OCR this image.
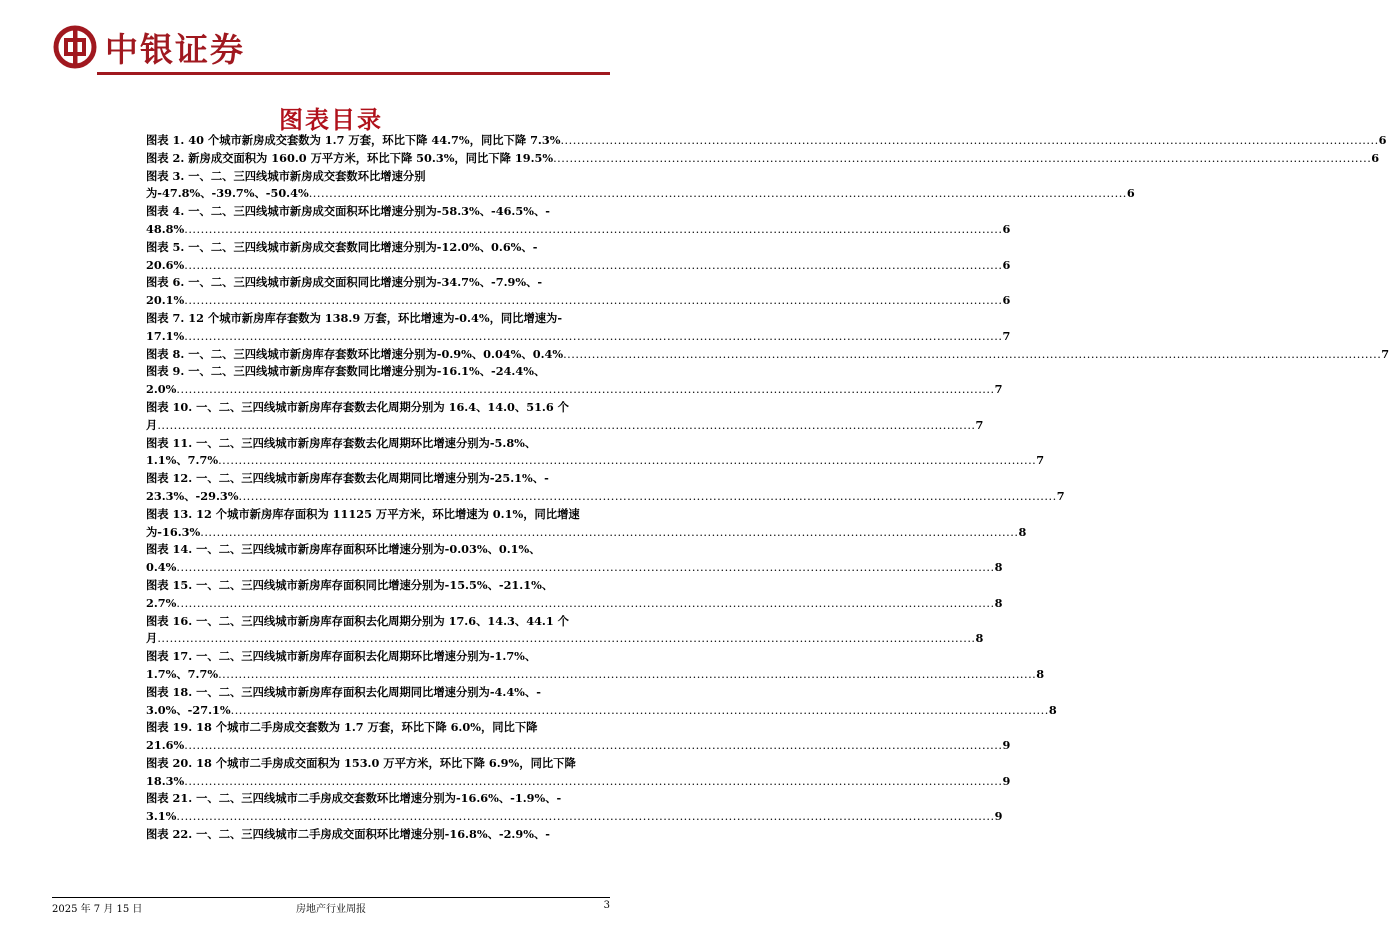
中银证券
图表目录
图表 1. 40 个城市新房成交套数为 1.7 万套，环比下降 44.7%，同比下降 7.3% ........................................................................................................................................................................................................ 6
图表 2. 新房成交面积为 160.0 万平方米，环比下降 50.3%，同比下降 19.5% ........................................................................................................................................................................................................ 6
图表 3. 一、二、三四线城市新房成交套数环比增速分别
为-47.8%、-39.7%、-50.4% ........................................................................................................................................................................................................ 6
图表 4. 一、二、三四线城市新房成交面积环比增速分别为-58.3%、-46.5%、-
48.8% ........................................................................................................................................................................................................ 6
图表 5. 一、二、三四线城市新房成交套数同比增速分别为-12.0%、0.6%、-
20.6% ........................................................................................................................................................................................................ 6
图表 6. 一、二、三四线城市新房成交面积同比增速分别为-34.7%、-7.9%、-
20.1% ........................................................................................................................................................................................................ 6
图表 7. 12 个城市新房库存套数为 138.9 万套，环比增速为-0.4%，同比增速为-
17.1% ........................................................................................................................................................................................................ 7
图表 8. 一、二、三四线城市新房库存套数环比增速分别为-0.9%、0.04%、0.4% ........................................................................................................................................................................................................ 7
图表 9. 一、二、三四线城市新房库存套数同比增速分别为-16.1%、-24.4%、
2.0% ........................................................................................................................................................................................................ 7
图表 10. 一、二、三四线城市新房库存套数去化周期分别为 16.4、14.0、51.6 个
月 ........................................................................................................................................................................................................ 7
图表 11. 一、二、三四线城市新房库存套数去化周期环比增速分别为-5.8%、
1.1%、7.7% ........................................................................................................................................................................................................ 7
图表 12. 一、二、三四线城市新房库存套数去化周期同比增速分别为-25.1%、-
23.3%、-29.3% ........................................................................................................................................................................................................ 7
图表 13. 12 个城市新房库存面积为 11125 万平方米，环比增速为 0.1%，同比增速
为-16.3% ........................................................................................................................................................................................................ 8
图表 14. 一、二、三四线城市新房库存面积环比增速分别为-0.03%、0.1%、
0.4% ........................................................................................................................................................................................................ 8
图表 15. 一、二、三四线城市新房库存面积同比增速分别为-15.5%、-21.1%、
2.7% ........................................................................................................................................................................................................ 8
图表 16. 一、二、三四线城市新房库存面积去化周期分别为 17.6、14.3、44.1 个
月 ........................................................................................................................................................................................................ 8
图表 17. 一、二、三四线城市新房库存面积去化周期环比增速分别为-1.7%、
1.7%、7.7% ........................................................................................................................................................................................................ 8
图表 18. 一、二、三四线城市新房库存面积去化周期同比增速分别为-4.4%、-
3.0%、-27.1% ........................................................................................................................................................................................................ 8
图表 19. 18 个城市二手房成交套数为 1.7 万套，环比下降 6.0%，同比下降
21.6% ........................................................................................................................................................................................................ 9
图表 20. 18 个城市二手房成交面积为 153.0 万平方米，环比下降 6.9%，同比下降
18.3% ........................................................................................................................................................................................................ 9
图表 21. 一、二、三四线城市二手房成交套数环比增速分别为-16.6%、-1.9%、-
3.1% ........................................................................................................................................................................................................ 9
图表 22. 一、二、三四线城市二手房成交面积环比增速分别-16.8%、-2.9%、-
2025 年 7 月 15 日	房地产行业周报	3
